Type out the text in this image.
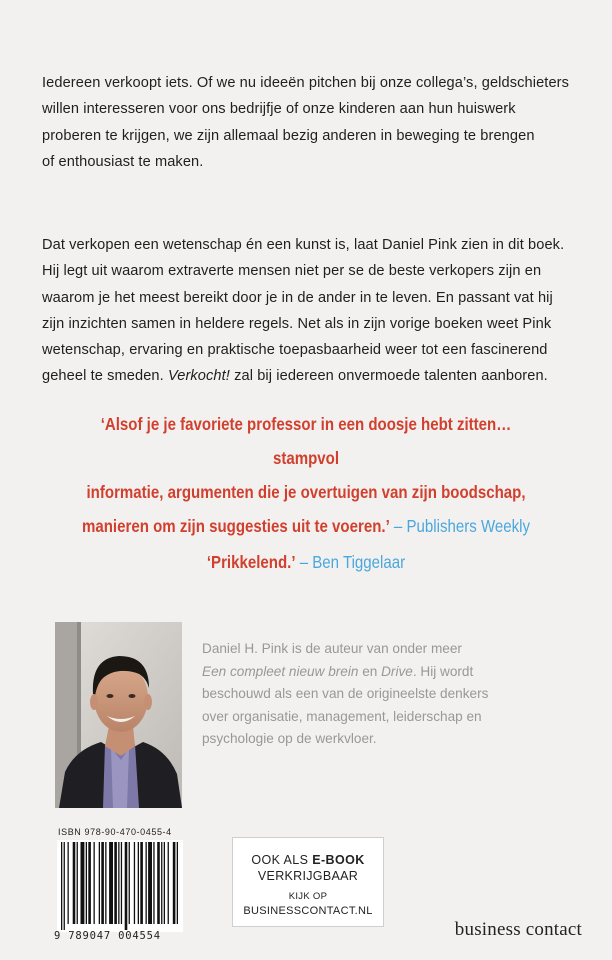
Iedereen verkoopt iets. Of we nu ideeën pitchen bij onze collega’s, geldschieters
willen interesseren voor ons bedrijfje of onze kinderen aan hun huiswerk
proberen te krijgen, we zijn allemaal bezig anderen in beweging te brengen
of enthousiast te maken.
Dat verkopen een wetenschap én een kunst is, laat Daniel Pink zien in dit boek.
Hij legt uit waarom extraverte mensen niet per se de beste verkopers zijn en
waarom je het meest bereikt door je in de ander in te leven. En passant vat hij
zijn inzichten samen in heldere regels. Net als in zijn vorige boeken weet Pink
wetenschap, ervaring en praktische toepasbaarheid weer tot een fascinerend
geheel te smeden. Verkocht! zal bij iedereen onvermoede talenten aanboren.
‘Alsof je je favoriete professor in een doosje hebt zitten… stampvol
informatie, argumenten die je overtuigen van zijn boodschap,
manieren om zijn suggesties uit te voeren.’ – Publishers Weekly
‘Prikkelend.’ – Ben Tiggelaar
Daniel H. Pink is de auteur van onder meer
Een compleet nieuw brein en Drive. Hij wordt
beschouwd als een van de origineelste denkers
over organisatie, management, leiderschap en
psychologie op de werkvloer.
ISBN 978-90-470-0455-4
9 789047 004554
OOK ALS E-BOOK
VERKRIJGBAAR
KIJK OP
BUSINESSCONTACT.NL
business contact
